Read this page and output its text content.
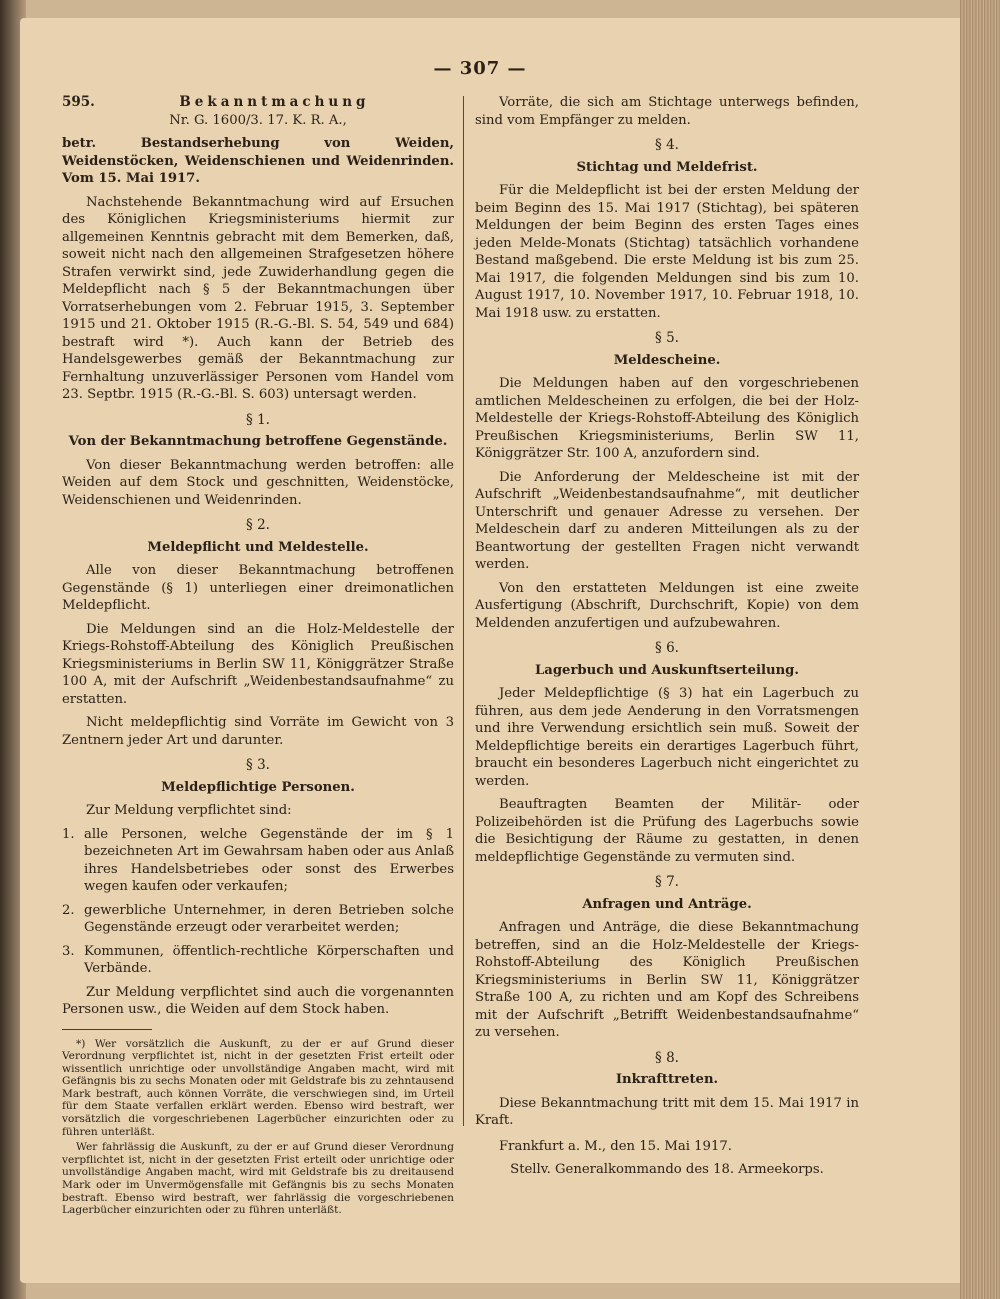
— 307 —
595.	Bekanntmachung

Nr. G. 1600/3. 17. K. R. A.,

betr. Bestandserhebung von Weiden, Weidenstöcken, Weidenschienen und Weidenrinden. Vom 15. Mai 1917.

Nachstehende Bekanntmachung wird auf Ersuchen des Königlichen Kriegsministeriums hiermit zur allgemeinen Kenntnis gebracht mit dem Bemerken, daß, soweit nicht nach den allgemeinen Strafgesetzen höhere Strafen verwirkt sind, jede Zuwiderhandlung gegen die Meldepflicht nach § 5 der Bekanntmachungen über Vorratserhebungen vom 2. Februar 1915, 3. September 1915 und 21. Oktober 1915 (R.-G.-Bl. S. 54, 549 und 684) bestraft wird *). Auch kann der Betrieb des Handelsgewerbes gemäß der Bekanntmachung zur Fernhaltung unzuverlässiger Personen vom Handel vom 23. Septbr. 1915 (R.-G.-Bl. S. 603) untersagt werden.

§ 1.
Von der Bekanntmachung betroffene Gegenstände.

Von dieser Bekanntmachung werden betroffen: alle Weiden auf dem Stock und geschnitten, Weidenstöcke, Weidenschienen und Weidenrinden.

§ 2.
Meldepflicht und Meldestelle.

Alle von dieser Bekanntmachung betroffenen Gegenstände (§ 1) unterliegen einer dreimonatlichen Meldepflicht.

Die Meldungen sind an die Holz-Meldestelle der Kriegs-Rohstoff-Abteilung des Königlich Preußischen Kriegsministeriums in Berlin SW 11, Königgrätzer Straße 100 A, mit der Aufschrift „Weidenbestandsaufnahme“ zu erstatten.

Nicht meldepflichtig sind Vorräte im Gewicht von 3 Zentnern jeder Art und darunter.

§ 3.
Meldepflichtige Personen.

Zur Meldung verpflichtet sind:

1. alle Personen, welche Gegenstände der im § 1 bezeichneten Art im Gewahrsam haben oder aus Anlaß ihres Handelsbetriebes oder sonst des Erwerbes wegen kaufen oder verkaufen;
2. gewerbliche Unternehmer, in deren Betrieben solche Gegenstände erzeugt oder verarbeitet werden;
3. Kommunen, öffentlich-rechtliche Körperschaften und Verbände.

Zur Meldung verpflichtet sind auch die vorgenannten Personen usw., die Weiden auf dem Stock haben.

*) Wer vorsätzlich die Auskunft, zu der er auf Grund dieser Verordnung verpflichtet ist, nicht in der gesetzten Frist erteilt oder wissentlich unrichtige oder unvollständige Angaben macht, wird mit Gefängnis bis zu sechs Monaten oder mit Geldstrafe bis zu zehntausend Mark bestraft, auch können Vorräte, die verschwiegen sind, im Urteil für dem Staate verfallen erklärt werden. Ebenso wird bestraft, wer vorsätzlich die vorgeschriebenen Lagerbücher einzurichten oder zu führen unterläßt.

Wer fahrlässig die Auskunft, zu der er auf Grund dieser Verordnung verpflichtet ist, nicht in der gesetzten Frist erteilt oder unrichtige oder unvollständige Angaben macht, wird mit Geldstrafe bis zu dreitausend Mark oder im Unvermögensfalle mit Gefängnis bis zu sechs Monaten bestraft. Ebenso wird bestraft, wer fahrlässig die vorgeschriebenen Lagerbücher einzurichten oder zu führen unterläßt.

Vorräte, die sich am Stichtage unterwegs befinden, sind vom Empfänger zu melden.

§ 4.
Stichtag und Meldefrist.

Für die Meldepflicht ist bei der ersten Meldung der beim Beginn des 15. Mai 1917 (Stichtag), bei späteren Meldungen der beim Beginn des ersten Tages eines jeden Melde-Monats (Stichtag) tatsächlich vorhandene Bestand maßgebend. Die erste Meldung ist bis zum 25. Mai 1917, die folgenden Meldungen sind bis zum 10. August 1917, 10. November 1917, 10. Februar 1918, 10. Mai 1918 usw. zu erstatten.

§ 5.
Meldescheine.

Die Meldungen haben auf den vorgeschriebenen amtlichen Meldescheinen zu erfolgen, die bei der Holz-Meldestelle der Kriegs-Rohstoff-Abteilung des Königlich Preußischen Kriegsministeriums, Berlin SW 11, Königgrätzer Str. 100 A, anzufordern sind.

Die Anforderung der Meldescheine ist mit der Aufschrift „Weidenbestandsaufnahme“, mit deutlicher Unterschrift und genauer Adresse zu versehen. Der Meldeschein darf zu anderen Mitteilungen als zu der Beantwortung der gestellten Fragen nicht verwandt werden.

Von den erstatteten Meldungen ist eine zweite Ausfertigung (Abschrift, Durchschrift, Kopie) von dem Meldenden anzufertigen und aufzubewahren.

§ 6.
Lagerbuch und Auskunftserteilung.

Jeder Meldepflichtige (§ 3) hat ein Lagerbuch zu führen, aus dem jede Aenderung in den Vorratsmengen und ihre Verwendung ersichtlich sein muß. Soweit der Meldepflichtige bereits ein derartiges Lagerbuch führt, braucht ein besonderes Lagerbuch nicht eingerichtet zu werden.

Beauftragten Beamten der Militär- oder Polizeibehörden ist die Prüfung des Lagerbuchs sowie die Besichtigung der Räume zu gestatten, in denen meldepflichtige Gegenstände zu vermuten sind.

§ 7.
Anfragen und Anträge.

Anfragen und Anträge, die diese Bekanntmachung betreffen, sind an die Holz-Meldestelle der Kriegs-Rohstoff-Abteilung des Königlich Preußischen Kriegsministeriums in Berlin SW 11, Königgrätzer Straße 100 A, zu richten und am Kopf des Schreibens mit der Aufschrift „Betrifft Weidenbestandsaufnahme“ zu versehen.

§ 8.
Inkrafttreten.

Diese Bekanntmachung tritt mit dem 15. Mai 1917 in Kraft.

Frankfurt a. M., den 15. Mai 1917.

Stellv. Generalkommando des 18. Armeekorps.
